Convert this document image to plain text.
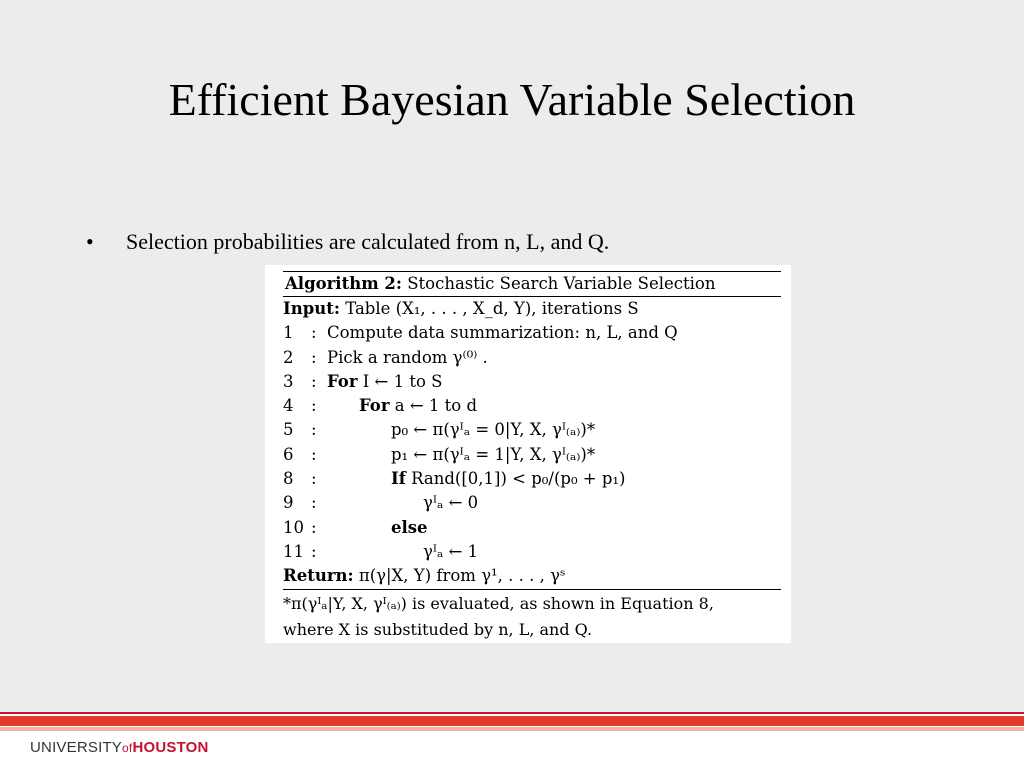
Efficient Bayesian Variable Selection
•	Selection probabilities are calculated from n, L, and Q.
Algorithm 2: Stochastic Search Variable Selection
Input:
Table (X₁, . . . , X_d, Y), iterations S
1	: Compute data summarization: n, L, and Q
2	: Pick a random γ⁽⁰⁾ .
3	: For I ← 1 to S
4	:	For a ← 1 to d
5	:	p₀ ← π(γᴵₐ = 0|Y, X, γᴵ₍ₐ₎)*
6	:	p₁ ← π(γᴵₐ = 1|Y, X, γᴵ₍ₐ₎)*
8	:	If Rand([0,1]) < p₀/(p₀ + p₁)
9	:	γᴵₐ ← 0
10 :	else
11 :	γᴵₐ ← 1
Return:
π(γ|X, Y) from γ¹, . . . , γˢ
*π(γᴵₐ|Y, X, γᴵ₍ₐ₎) is evaluated, as shown in Equation 8,
where X is substituded by n, L, and Q.
UNIVERSITYofHOUSTON
